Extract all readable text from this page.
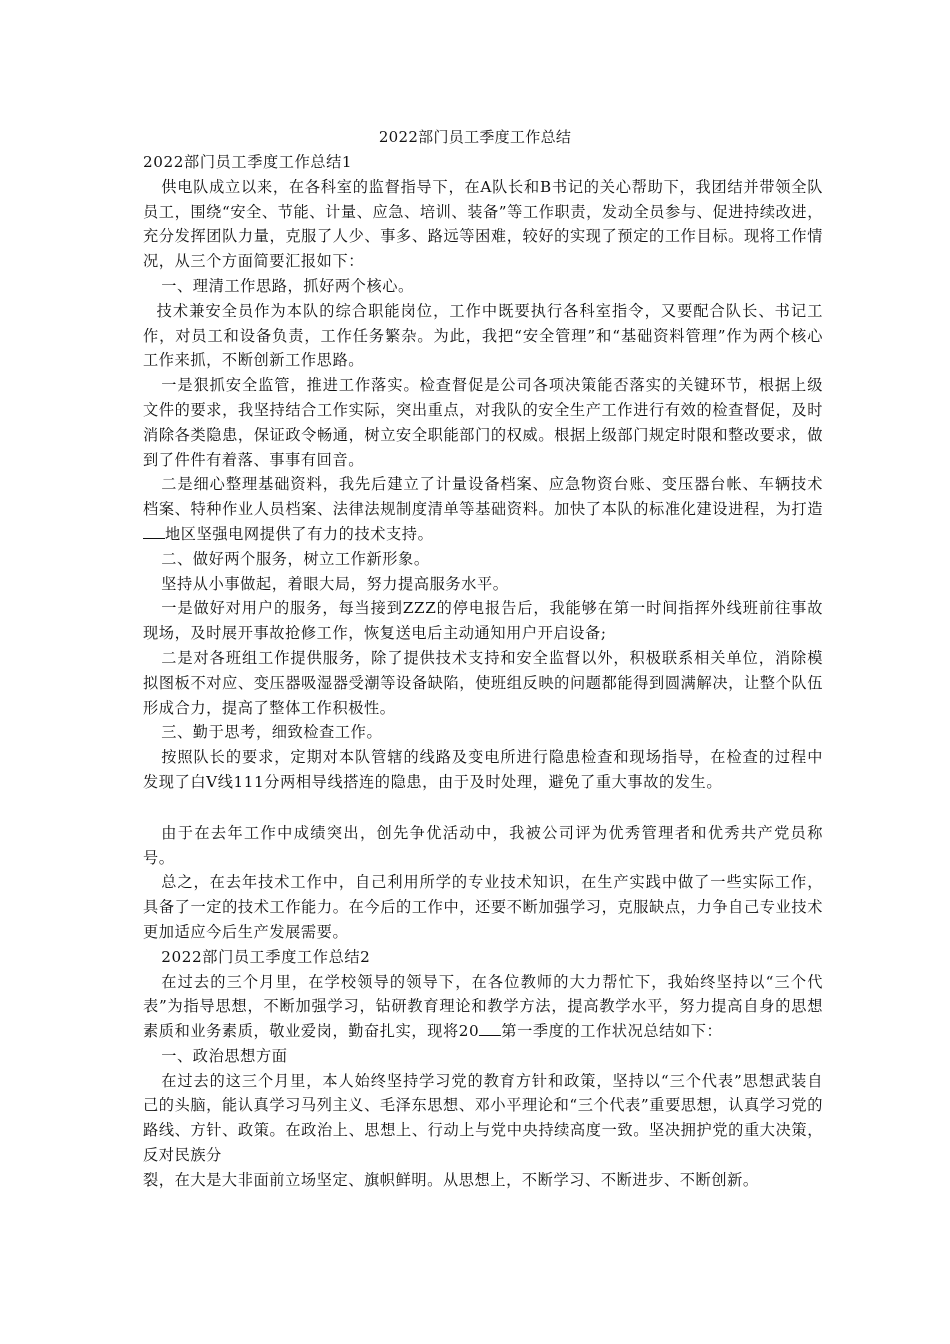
2022部门员工季度工作总结

2022部门员工季度工作总结1

供电队成立以来，在各科室的监督指导下，在A队长和B书记的关心帮助下，我团结并带领全队员工，围绕“安全、节能、计量、应急、培训、装备”等工作职责，发动全员参与、促进持续改进，充分发挥团队力量，克服了人少、事多、路远等困难，较好的实现了预定的工作目标。现将工作情况，从三个方面简要汇报如下：

一、理清工作思路，抓好两个核心。

技术兼安全员作为本队的综合职能岗位，工作中既要执行各科室指令，又要配合队长、书记工作，对员工和设备负责，工作任务繁杂。为此，我把“安全管理”和“基础资料管理”作为两个核心工作来抓，不断创新工作思路。

一是狠抓安全监管，推进工作落实。检查督促是公司各项决策能否落实的关键环节，根据上级文件的要求，我坚持结合工作实际，突出重点，对我队的安全生产工作进行有效的检查督促，及时消除各类隐患，保证政令畅通，树立安全职能部门的权威。根据上级部门规定时限和整改要求，做到了件件有着落、事事有回音。

二是细心整理基础资料，我先后建立了计量设备档案、应急物资台账、变压器台帐、车辆技术档案、特种作业人员档案、法律法规制度清单等基础资料。加快了本队的标准化建设进程，为打造地区坚强电网提供了有力的技术支持。

二、做好两个服务，树立工作新形象。

坚持从小事做起，着眼大局，努力提高服务水平。

一是做好对用户的服务，每当接到ZZZ的停电报告后，我能够在第一时间指挥外线班前往事故现场，及时展开事故抢修工作，恢复送电后主动通知用户开启设备;

二是对各班组工作提供服务，除了提供技术支持和安全监督以外，积极联系相关单位，消除模拟图板不对应、变压器吸湿器受潮等设备缺陷，使班组反映的问题都能得到圆满解决，让整个队伍形成合力，提高了整体工作积极性。

三、勤于思考，细致检查工作。

按照队长的要求，定期对本队管辖的线路及变电所进行隐患检查和现场指导，在检查的过程中发现了白V线111分两相导线搭连的隐患，由于及时处理，避免了重大事故的发生。

由于在去年工作中成绩突出，创先争优活动中，我被公司评为优秀管理者和优秀共产党员称号。

总之，在去年技术工作中，自己利用所学的专业技术知识，在生产实践中做了一些实际工作，具备了一定的技术工作能力。在今后的工作中，还要不断加强学习，克服缺点，力争自己专业技术更加适应今后生产发展需要。

2022部门员工季度工作总结2

在过去的三个月里，在学校领导的领导下，在各位教师的大力帮忙下，我始终坚持以“三个代表”为指导思想，不断加强学习，钻研教育理论和教学方法，提高教学水平，努力提高自身的思想素质和业务素质，敬业爱岗，勤奋扎实，现将20 第一季度的工作状况总结如下：

一、政治思想方面

在过去的这三个月里，本人始终坚持学习党的教育方针和政策，坚持以“三个代表”思想武装自己的头脑，能认真学习马列主义、毛泽东思想、邓小平理论和“三个代表”重要思想，认真学习党的路线、方针、政策。在政治上、思想上、行动上与党中央持续高度一致。坚决拥护党的重大决策，反对民族分

裂，在大是大非面前立场坚定、旗帜鲜明。从思想上，不断学习、不断进步、不断创新。
